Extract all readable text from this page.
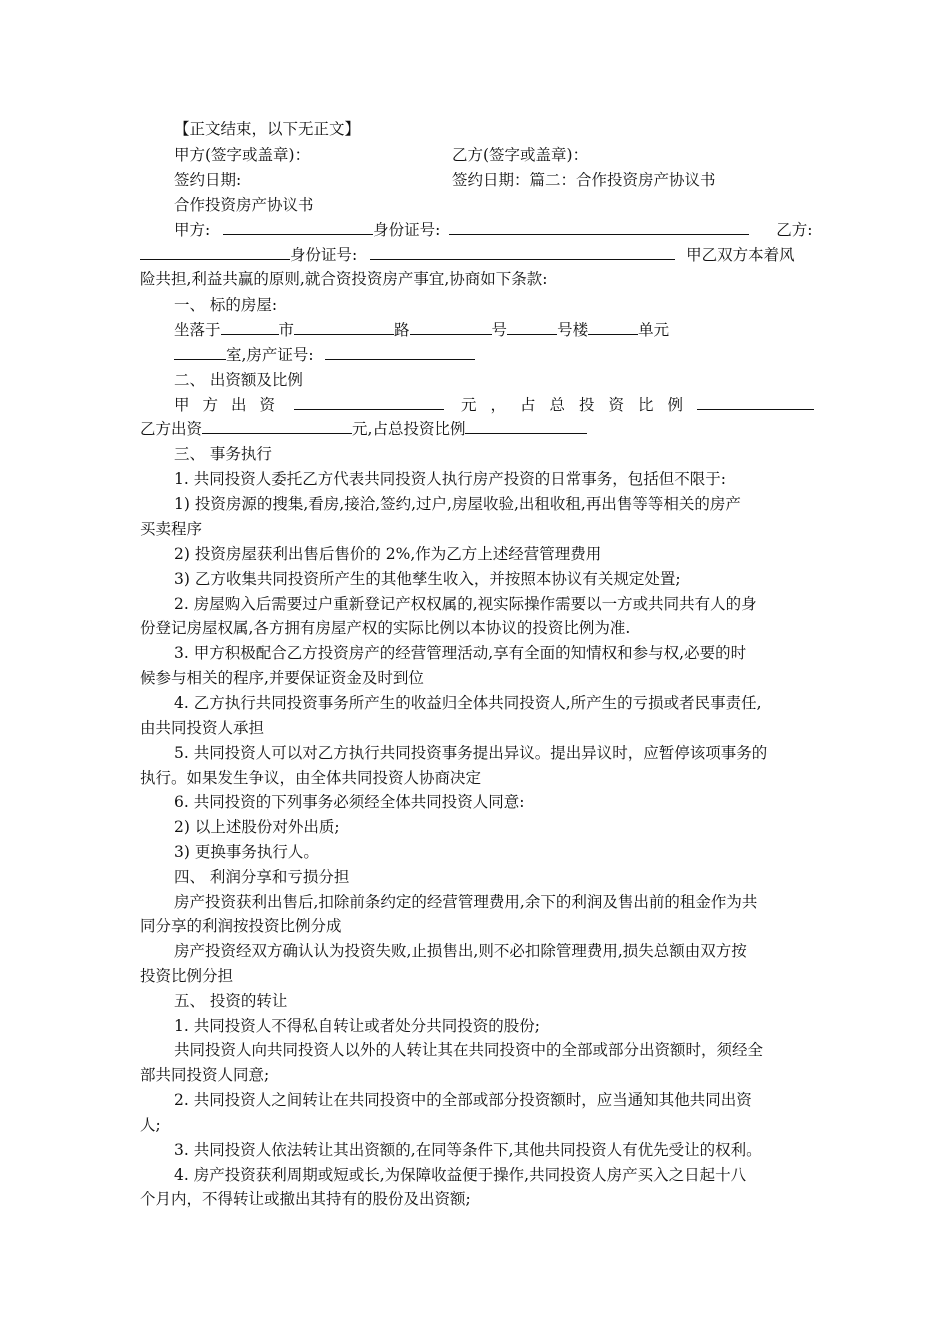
【正文结束，以下无正文】
甲方(签字或盖章)：	乙方(签字或盖章)：
签约日期:	签约日期：篇二：合作投资房产协议书
合作投资房产协议书
甲方:	身份证号:	乙方:
身份证号:	甲乙双方本着风
险共担,利益共赢的原则,就合资投资房产事宜,协商如下条款:
一、 标的房屋:
坐落于	市	路	号	号楼	单元
室,房产证号:
二、 出资额及比例
甲方出资	元，占总投资比例
乙方出资	元,占总投资比例
三、 事务执行
1. 共同投资人委托乙方代表共同投资人执行房产投资的日常事务，包括但不限于:
1) 投资房源的搜集,看房,接洽,签约,过户,房屋收验,出租收租,再出售等等相关的房产
买卖程序
2) 投资房屋获利出售后售价的 2%,作为乙方上述经营管理费用
3) 乙方收集共同投资所产生的其他孳生收入，并按照本协议有关规定处置;
2. 房屋购入后需要过户重新登记产权权属的,视实际操作需要以一方或共同共有人的身
份登记房屋权属,各方拥有房屋产权的实际比例以本协议的投资比例为准.
3. 甲方积极配合乙方投资房产的经营管理活动,享有全面的知情权和参与权,必要的时
候参与相关的程序,并要保证资金及时到位
4. 乙方执行共同投资事务所产生的收益归全体共同投资人,所产生的亏损或者民事责任,
由共同投资人承担
5. 共同投资人可以对乙方执行共同投资事务提出异议。提出异议时，应暂停该项事务的
执行。如果发生争议，由全体共同投资人协商决定
6. 共同投资的下列事务必须经全体共同投资人同意:
2) 以上述股份对外出质;
3) 更换事务执行人。
四、 利润分享和亏损分担
房产投资获利出售后,扣除前条约定的经营管理费用,余下的利润及售出前的租金作为共
同分享的利润按投资比例分成
房产投资经双方确认认为投资失败,止损售出,则不必扣除管理费用,损失总额由双方按
投资比例分担
五、 投资的转让
1. 共同投资人不得私自转让或者处分共同投资的股份;
共同投资人向共同投资人以外的人转让其在共同投资中的全部或部分出资额时，须经全
部共同投资人同意;
2. 共同投资人之间转让在共同投资中的全部或部分投资额时，应当通知其他共同出资
人;
3. 共同投资人依法转让其出资额的,在同等条件下,其他共同投资人有优先受让的权利。
4. 房产投资获利周期或短或长,为保障收益便于操作,共同投资人房产买入之日起十八
个月内，不得转让或撤出其持有的股份及出资额;
